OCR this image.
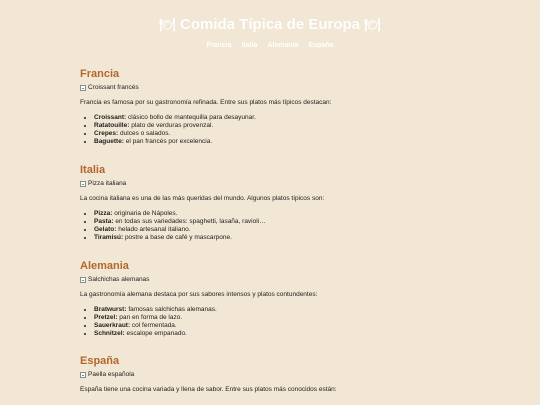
🍽 Comida Típica de Europa 🍽
Francia Italia Alemania España
Francia
Croissant francés

Francia es famosa por su gastronomía refinada. Entre sus platos más típicos destacan:

• Croissant: clásico bollo de mantequilla para desayunar.
• Ratatouille: plato de verduras provenzal.
• Crepes: dulces o salados.
• Baguette: el pan francés por excelencia.
Italia
Pizza italiana

La cocina italiana es una de las más queridas del mundo. Algunos platos típicos son:

• Pizza: originaria de Nápoles.
• Pasta: en todas sus variedades: spaghetti, lasaña, ravioli…
• Gelato: helado artesanal italiano.
• Tiramisú: postre a base de café y mascarpone.
Alemania
Salchichas alemanas

La gastronomía alemana destaca por sus sabores intensos y platos contundentes:

• Bratwurst: famosas salchichas alemanas.
• Pretzel: pan en forma de lazo.
• Sauerkraut: col fermentada.
• Schnitzel: escalope empanado.
España
Paella española

España tiene una cocina variada y llena de sabor. Entre sus platos más conocidos están:
